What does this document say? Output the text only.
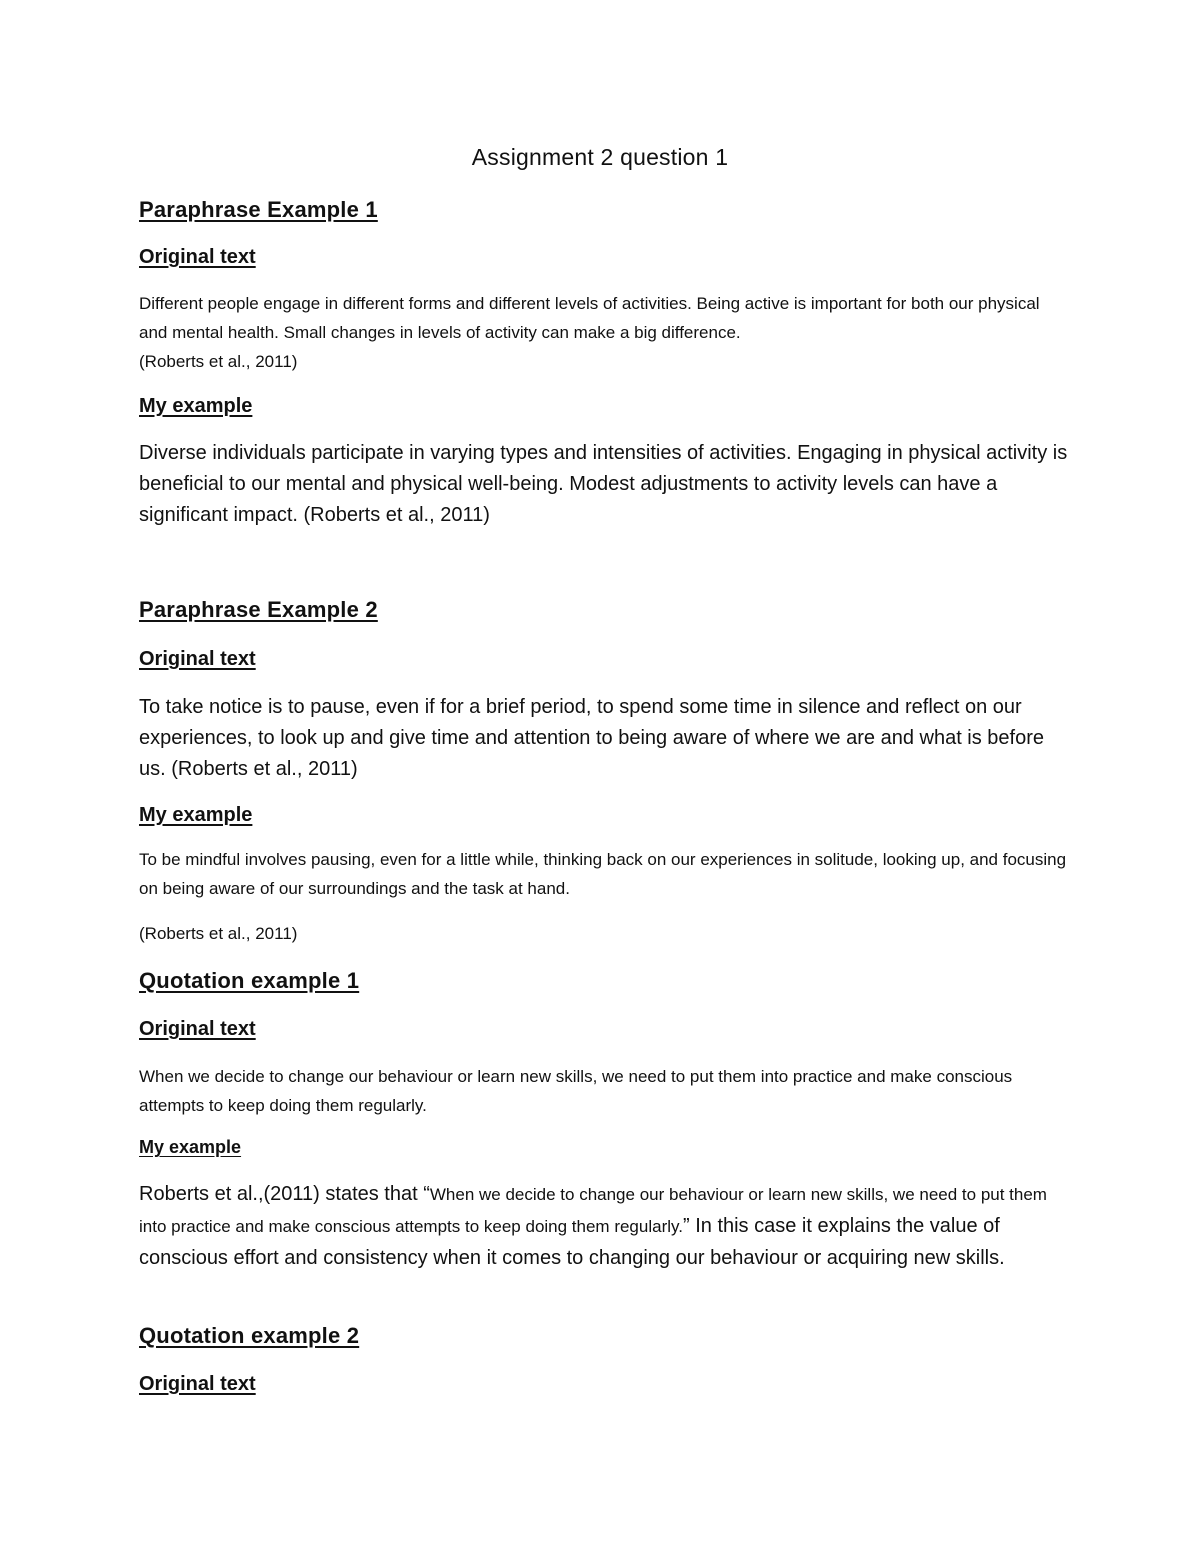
Assignment 2 question 1
Paraphrase Example 1
Original text

Different people engage in different forms and different levels of activities. Being active is important for both our physical and mental health. Small changes in levels of activity can make a big difference.

(Roberts et al., 2011)

My example

Diverse individuals participate in varying types and intensities of activities. Engaging in physical activity is beneficial to our mental and physical well-being. Modest adjustments to activity levels can have a significant impact. (Roberts et al., 2011)

Paraphrase Example 2
Original text

To take notice is to pause, even if for a brief period, to spend some time in silence and reflect on our experiences, to look up and give time and attention to being aware of where we are and what is before us. (Roberts et al., 2011)

My example

To be mindful involves pausing, even for a little while, thinking back on our experiences in solitude, looking up, and focusing on being aware of our surroundings and the task at hand.

(Roberts et al., 2011)

Quotation example 1
Original text

When we decide to change our behaviour or learn new skills, we need to put them into practice and make conscious attempts to keep doing them regularly.

My example

Roberts et al.,(2011) states that “When we decide to change our behaviour or learn new skills, we need to put them into practice and make conscious attempts to keep doing them regularly.” In this case it explains the value of conscious effort and consistency when it comes to changing our behaviour or acquiring new skills.

Quotation example 2
Original text
